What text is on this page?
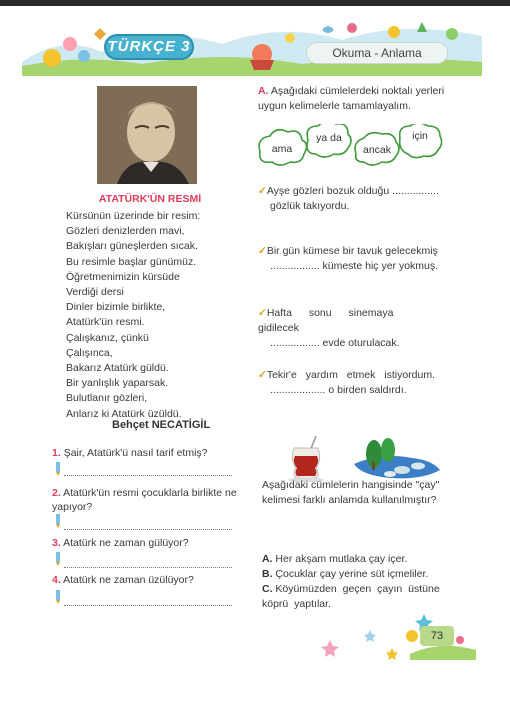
TÜRKÇE 3	Okuma - Anlama
ATATÜRK'ÜN RESMİ
Kürsünün üzerinde bir resim:
Gözleri denizlerden mavi,
Bakışları güneşlerden sıcak.
Bu resimle başlar günümüz.
Öğretmenimizin kürsüde
Verdiği dersi
Dinler bizimle birlikte,
Atatürk'ün resmi.
Çalışkanız, çünkü
Çalışınca,
Bakarız Atatürk güldü.
Bir yanlışlık yaparsak.
Bulutlanır gözleri,
Anlarız ki Atatürk üzüldü.
Behçet NECATİGİL
1. Şair, Atatürk'ü nasıl tarif etmiş?
2. Atatürk'ün resmi çocuklarla birlikte ne yapıyor?
3. Atatürk ne zaman gülüyor?
4. Atatürk ne zaman üzülüyor?
A. Aşağıdaki cümlelerdeki noktalı yerleri uygun kelimelerle tamamlayalım.
ama
ya da
ancak
için
✓Ayşe gözleri bozuk olduğu ................
gözlük takıyordu.
✓Bir gün kümese bir tavuk gelecekmiş
................. kümeste hiç yer yokmuş.
✓Hafta sonu sinemaya gidilecek
................. evde oturulacak.
✓Tekir'e yardım etmek istiyordum.
................... o birden saldırdı.
Aşağıdaki cümlelerin hangisinde "çay" kelimesi farklı anlamda kullanılmıştır?
A. Her akşam mutlaka çay içer.
B. Çocuklar çay yerine süt içmeliler.
C. Köyümüzden geçen çayın üstüne köprü yaptılar.
73
